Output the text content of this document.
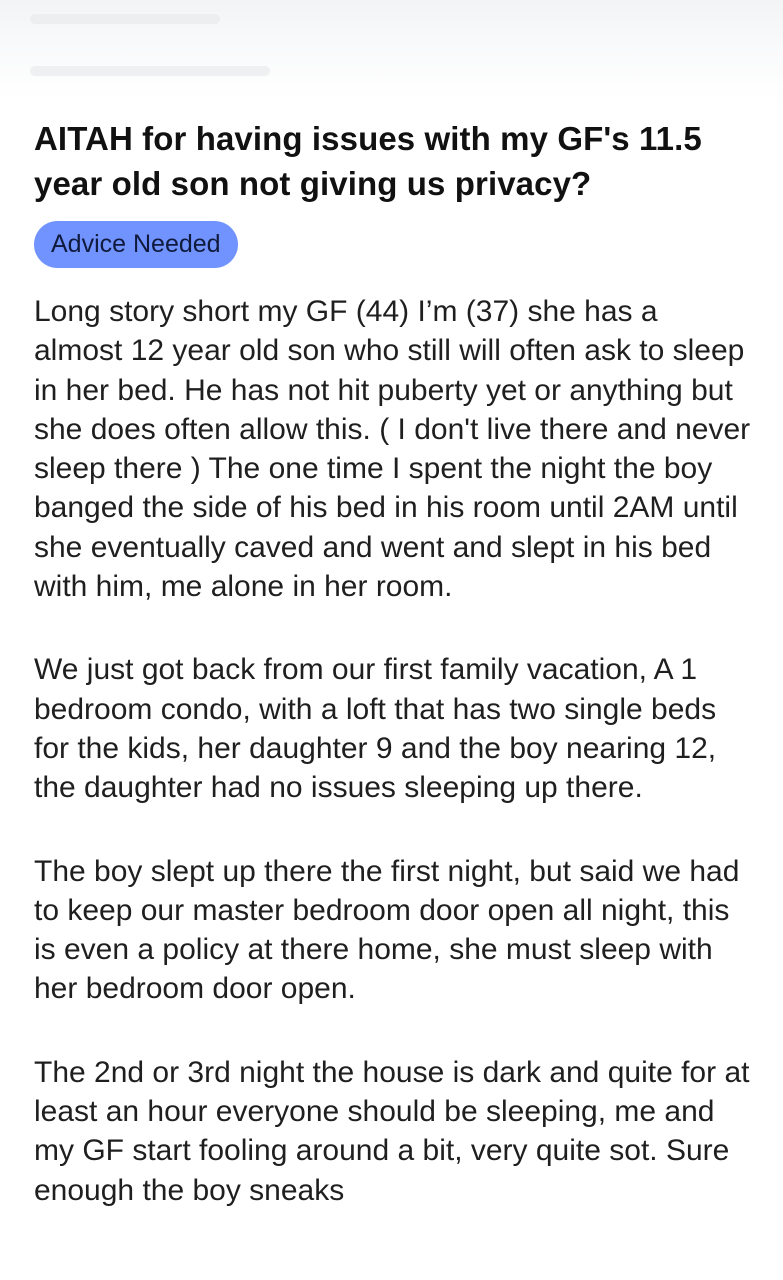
AITAH for having issues with my GF's 11.5 year old son not giving us privacy?
Advice Needed

Long story short my GF (44) I’m (37) she has a almost 12 year old son who still will often ask to sleep in her bed. He has not hit puberty yet or anything but she does often allow this. ( I don't live there and never sleep there ) The one time I spent the night the boy banged the side of his bed in his room until 2AM until she eventually caved and went and slept in his bed with him, me alone in her room.

We just got back from our first family vacation, A 1 bedroom condo, with a loft that has two single beds for the kids, her daughter 9 and the boy nearing 12, the daughter had no issues sleeping up there.

The boy slept up there the first night, but said we had to keep our master bedroom door open all night, this is even a policy at there home, she must sleep with her bedroom door open.

The 2nd or 3rd night the house is dark and quite for at least an hour everyone should be sleeping, me and my GF start fooling around a bit, very quite sot. Sure enough the boy sneaks
